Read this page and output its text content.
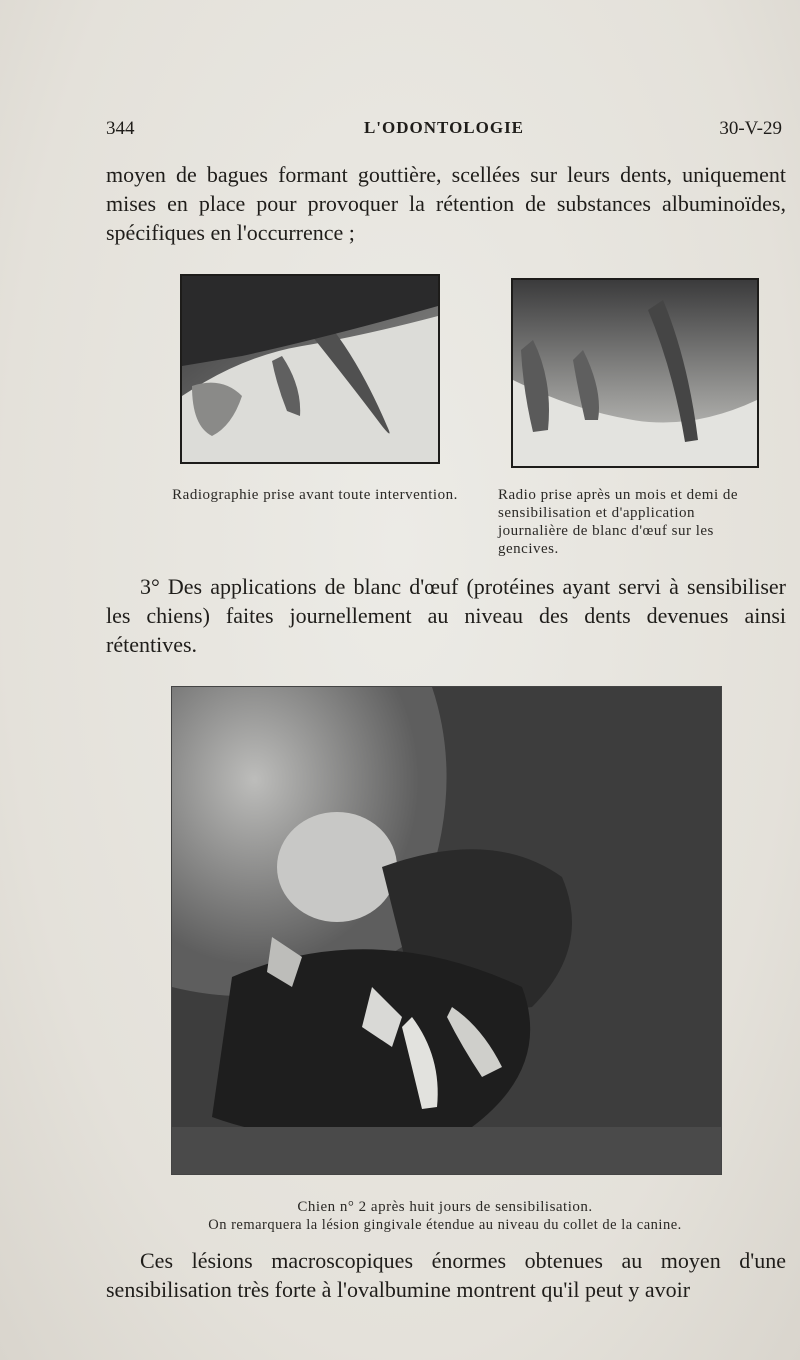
344	L'ODONTOLOGIE	30-V-29
moyen de bagues formant gouttière, scellées sur leurs dents, uniquement mises en place pour provoquer la rétention de substances albuminoïdes, spécifiques en l'occurrence ;
Radiographie prise avant toute intervention.	Radio prise après un mois et demi de sensibilisation et d'application journalière de blanc d'œuf sur les gencives.
3° Des applications de blanc d'œuf (protéines ayant servi à sensibiliser les chiens) faites journellement au niveau des dents devenues ainsi rétentives.
Chien n° 2 après huit jours de sensibilisation.
On remarquera la lésion gingivale étendue au niveau du collet de la canine.
Ces lésions macroscopiques énormes obtenues au moyen d'une sensibilisation très forte à l'ovalbumine montrent qu'il peut y avoir
